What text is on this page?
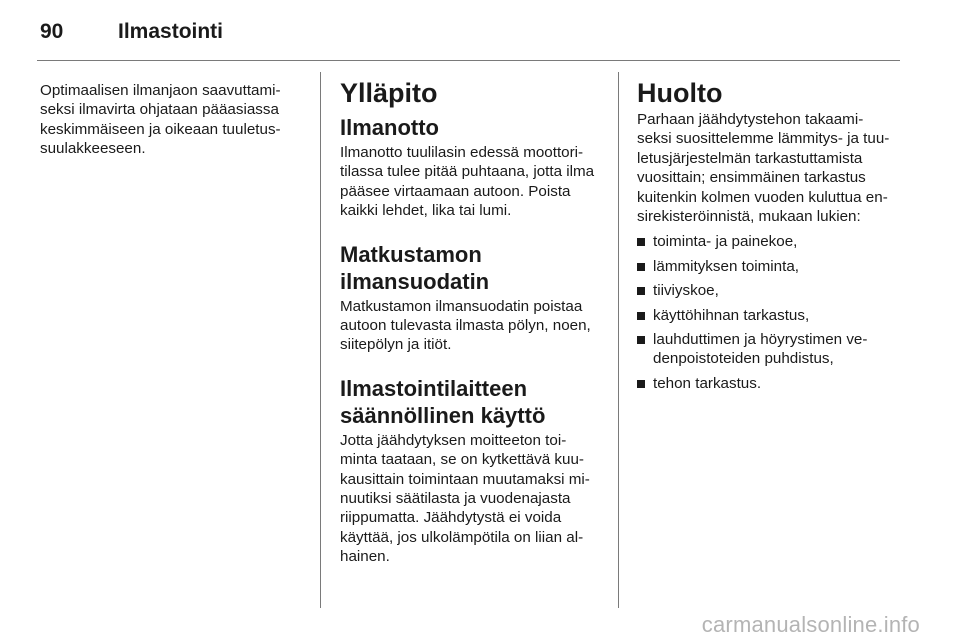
90	Ilmastointi

Optimaalisen ilmanjaon saavuttami-
seksi ilmavirta ohjataan pääasiassa
keskimmäiseen ja oikeaan tuuletus-
suulakkeeseen.

Ylläpito
Ilmanotto

Ilmanotto tuulilasin edessä moottori-
tilassa tulee pitää puhtaana, jotta ilma
pääsee virtaamaan autoon. Poista
kaikki lehdet, lika tai lumi.

Matkustamon
ilmansuodatin

Matkustamon ilmansuodatin poistaa
autoon tulevasta ilmasta pölyn, noen,
siitepölyn ja itiöt.

Ilmastointilaitteen
säännöllinen käyttö

Jotta jäähdytyksen moitteeton toi-
minta taataan, se on kytkettävä kuu-
kausittain toimintaan muutamaksi mi-
nuutiksi säätilasta ja vuodenajasta
riippumatta. Jäähdytystä ei voida
käyttää, jos ulkolämpötila on liian al-
hainen.

Huolto

Parhaan jäähdytystehon takaami-
seksi suosittelemme lämmitys- ja tuu-
letusjärjestelmän tarkastuttamista
vuosittain; ensimmäinen tarkastus
kuitenkin kolmen vuoden kuluttua en-
sirekisteröinnistä, mukaan lukien:

toiminta- ja painekoe,
lämmityksen toiminta,
tiiviyskoe,
käyttöhihnan tarkastus,
lauhduttimen ja höyrystimen ve-
denpoistoteiden puhdistus,
tehon tarkastus.
carmanualsonline.info
